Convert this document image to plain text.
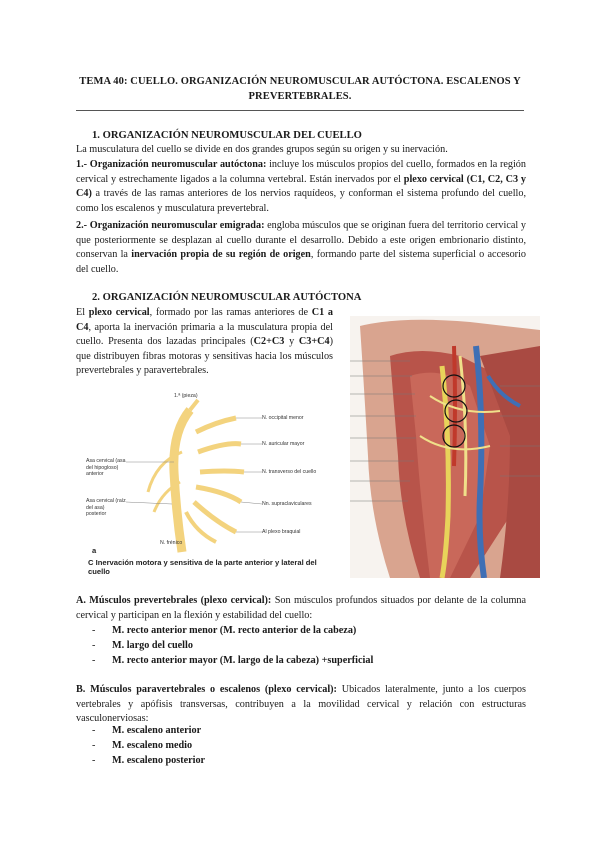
TEMA 40: CUELLO. ORGANIZACIÓN NEUROMUSCULAR AUTÓCTONA. ESCALENOS Y
PREVERTEBRALES.
1. ORGANIZACIÓN NEUROMUSCULAR DEL CUELLO
La musculatura del cuello se divide en dos grandes grupos según su origen y su inervación.
1.- Organización neuromuscular autóctona: incluye los músculos propios del cuello, formados en la región cervical y estrechamente ligados a la columna vertebral. Están inervados por el plexo cervical (C1, C2, C3 y C4) a través de las ramas anteriores de los nervios raquídeos, y conforman el sistema profundo del cuello, como los escalenos y musculatura prevertebral.
2.- Organización neuromuscular emigrada: engloba músculos que se originan fuera del territorio cervical y que posteriormente se desplazan al cuello durante el desarrollo. Debido a este origen embrionario distinto, conservan la inervación propia de su región de origen, formando parte del sistema superficial o accesorio del cuello.
2. ORGANIZACIÓN NEUROMUSCULAR AUTÓCTONA
El plexo cervical, formado por las ramas anteriores de C1 a C4, aporta la inervación primaria a la musculatura propia del cuello. Presenta dos lazadas principales (C2+C3 y C3+C4) que distribuyen fibras motoras y sensitivas hacia los músculos prevertebrales y paravertebrales.
1.ª (pieza)
N. occipital menor
N. auricular mayor
N. transverso del cuello
Nn. supraclaviculares
Al plexo braquial
Asa cervical (asa del hipogloso) anterior
Asa cervical (raíz del asa) posterior
N. frénico
a
C Inervación motora y sensitiva de la parte anterior y lateral del cuello
A. Músculos prevertebrales (plexo cervical): Son músculos profundos situados por delante de la columna cervical y participan en la flexión y estabilidad del cuello:
- M. recto anterior menor (M. recto anterior de la cabeza)
- M. largo del cuello
- M. recto anterior mayor (M. largo de la cabeza) +superficial
B. Músculos paravertebrales o escalenos (plexo cervical): Ubicados lateralmente, junto a los cuerpos vertebrales y apófisis transversas, contribuyen a la movilidad cervical y relación con estructuras vasculonerviosas:
- M. escaleno anterior
- M. escaleno medio
- M. escaleno posterior
